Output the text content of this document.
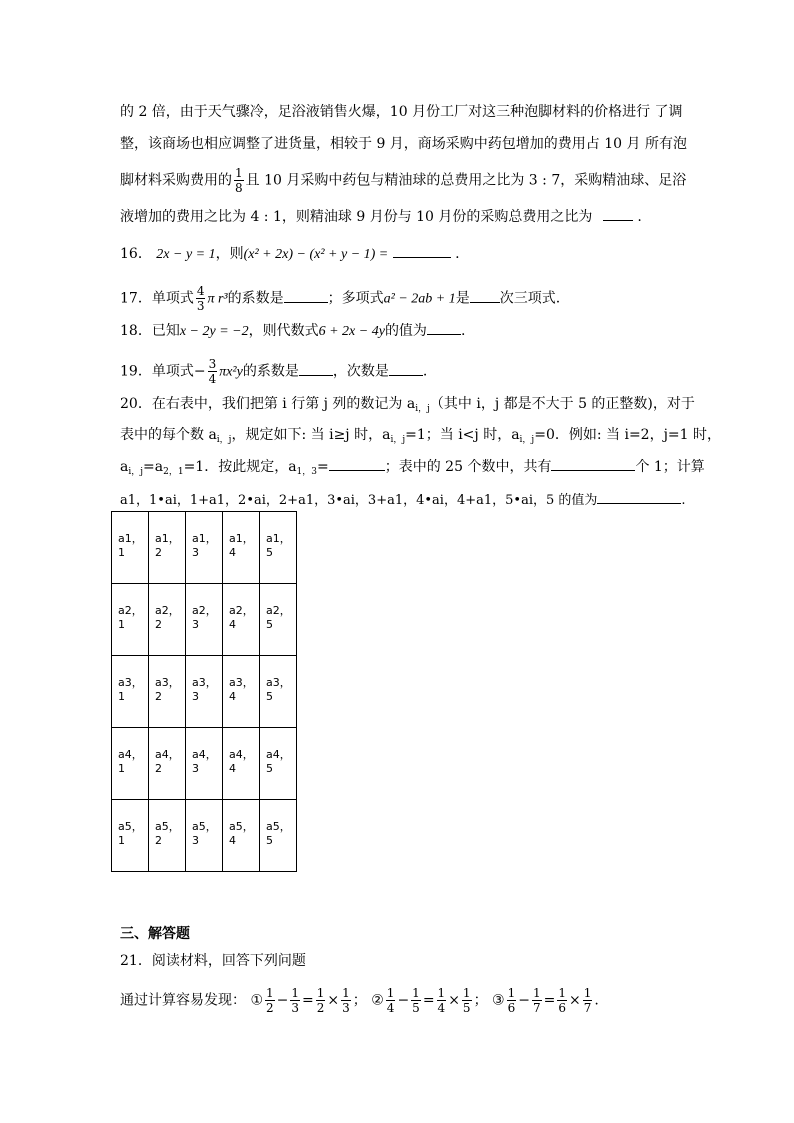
的 2 倍，由于天气骤冷，足浴液销售火爆，10 月份工厂对这三种泡脚材料的价格进行 了调
整，该商场也相应调整了进货量，相较于 9 月，商场采购中药包增加的费用占 10 月 所有泡
脚材料采购费用的 $\frac{1}{8}$ 且 10 月采购中药包与精油球的总费用之比为 3 : 7，采购精油球、足浴
液增加的费用之比为 4 : 1，则精油球 9 月份与 10 月份的采购总费用之比为	.
16． 2x − y = 1，则(x² + 2x) − (x² + y − 1) =	.
17．单项式 $\frac{4}{3}$ π r³的系数是	；多项式a² − 2ab + 1是 次三项式.
18．已知x − 2y = −2，则代数式6 + 2x − 4y的值为 .
19．单项式− $\frac{3}{4} \pi x^2y$的系数是 ，次数是 .
20．在右表中，我们把第 i 行第 j 列的数记为 $a_{i,j}$（其中 i，j 都是不大于 5 的正整数)，对于
表中的每个数 $a_{i,j}$，规定如下: 当 i≥j 时，$a_{i,j}=1$；当 i<j 时，$a_{i,j}=0$．例如: 当 i=2，j=1 时，
$a_{i,j}=a_{2,1}=1$．按此规定，$a_{1,3}=$	；表中的 25 个数中，共有	个 1；计算
a1，1•ai，1+a1，2•ai，2+a1，3•ai，3+a1，4•ai，4+a1，5•ai，5 的值为	.
a1，1	a1，2	a1，3	a1，4	a1，5
a2，1	a2，2	a2，3	a2，4	a2，5
a3，1	a3，2	a3，3	a3，4	a3，5
a4，1	a4，2	a4，3	a4，4	a4，5
a5，1	a5，2	a5，3	a5，4	a5，5
三、解答题
21．阅读材料，回答下列问题
通过计算容易发现： ① $\frac{1}{2} - \frac{1}{3} = \frac{1}{2} \times \frac{1}{3}$ ； ② $\frac{1}{4} - \frac{1}{5} = \frac{1}{4} \times \frac{1}{5}$ ； ③ $\frac{1}{6} - \frac{1}{7} = \frac{1}{6} \times \frac{1}{7}$ .
